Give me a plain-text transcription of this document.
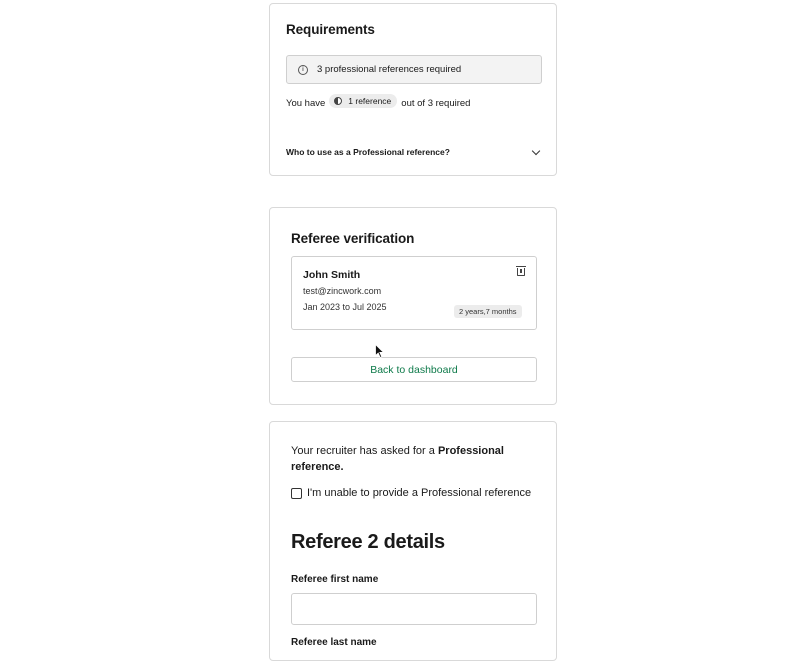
Requirements
i	3 professional references required
You have	1 reference out of 3 required
Who to use as a Professional reference?
Referee verification
John Smith
test@zincwork.com
Jan 2023 to Jul 2025	2 years,7 months
Back to dashboard
Your recruiter has asked for a Professional reference.
I'm unable to provide a Professional reference
Referee 2 details
Referee first name
Referee last name
